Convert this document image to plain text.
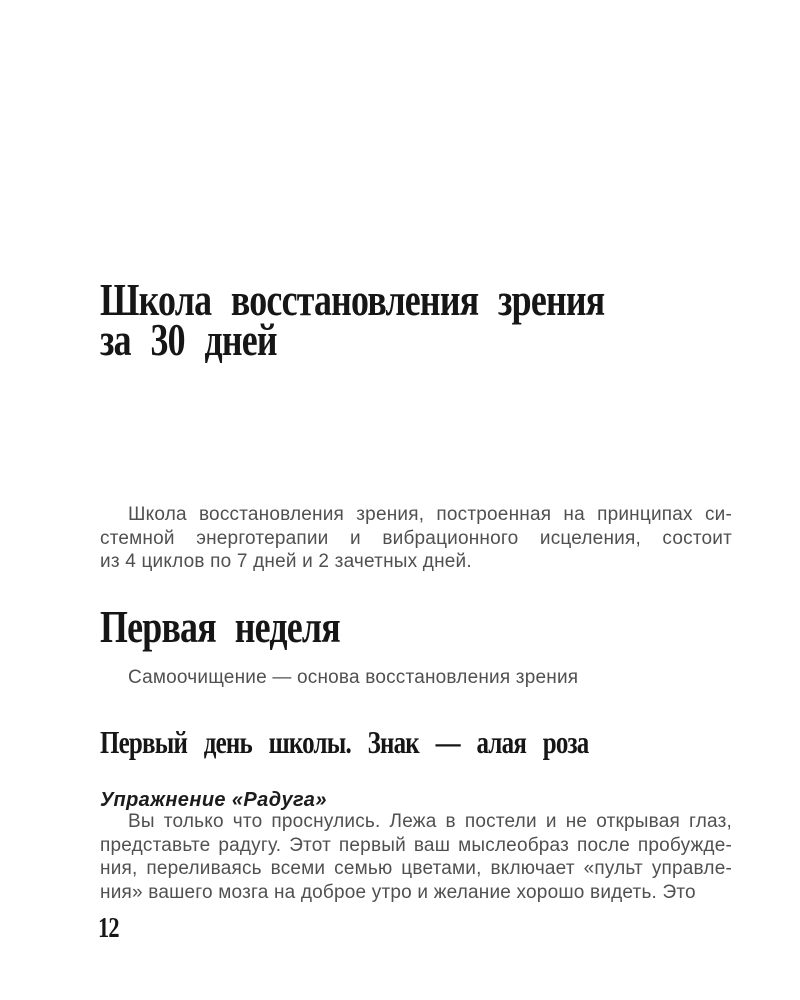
Школа восстановления зрения
за 30 дней
Школа восстановления зрения, построенная на принципах си-
стемной энерготерапии и вибрационного исцеления, состоит
из 4 циклов по 7 дней и 2 зачетных дней.
Первая неделя
Самоочищение — основа восстановления зрения
Первый день школы. Знак — алая роза
Упражнение «Радуга»
Вы только что проснулись. Лежа в постели и не открывая глаз,
представьте радугу. Этот первый ваш мыслеобраз после пробужде-
ния, переливаясь всеми семью цветами, включает «пульт управле-
ния» вашего мозга на доброе утро и желание хорошо видеть. Это
12
